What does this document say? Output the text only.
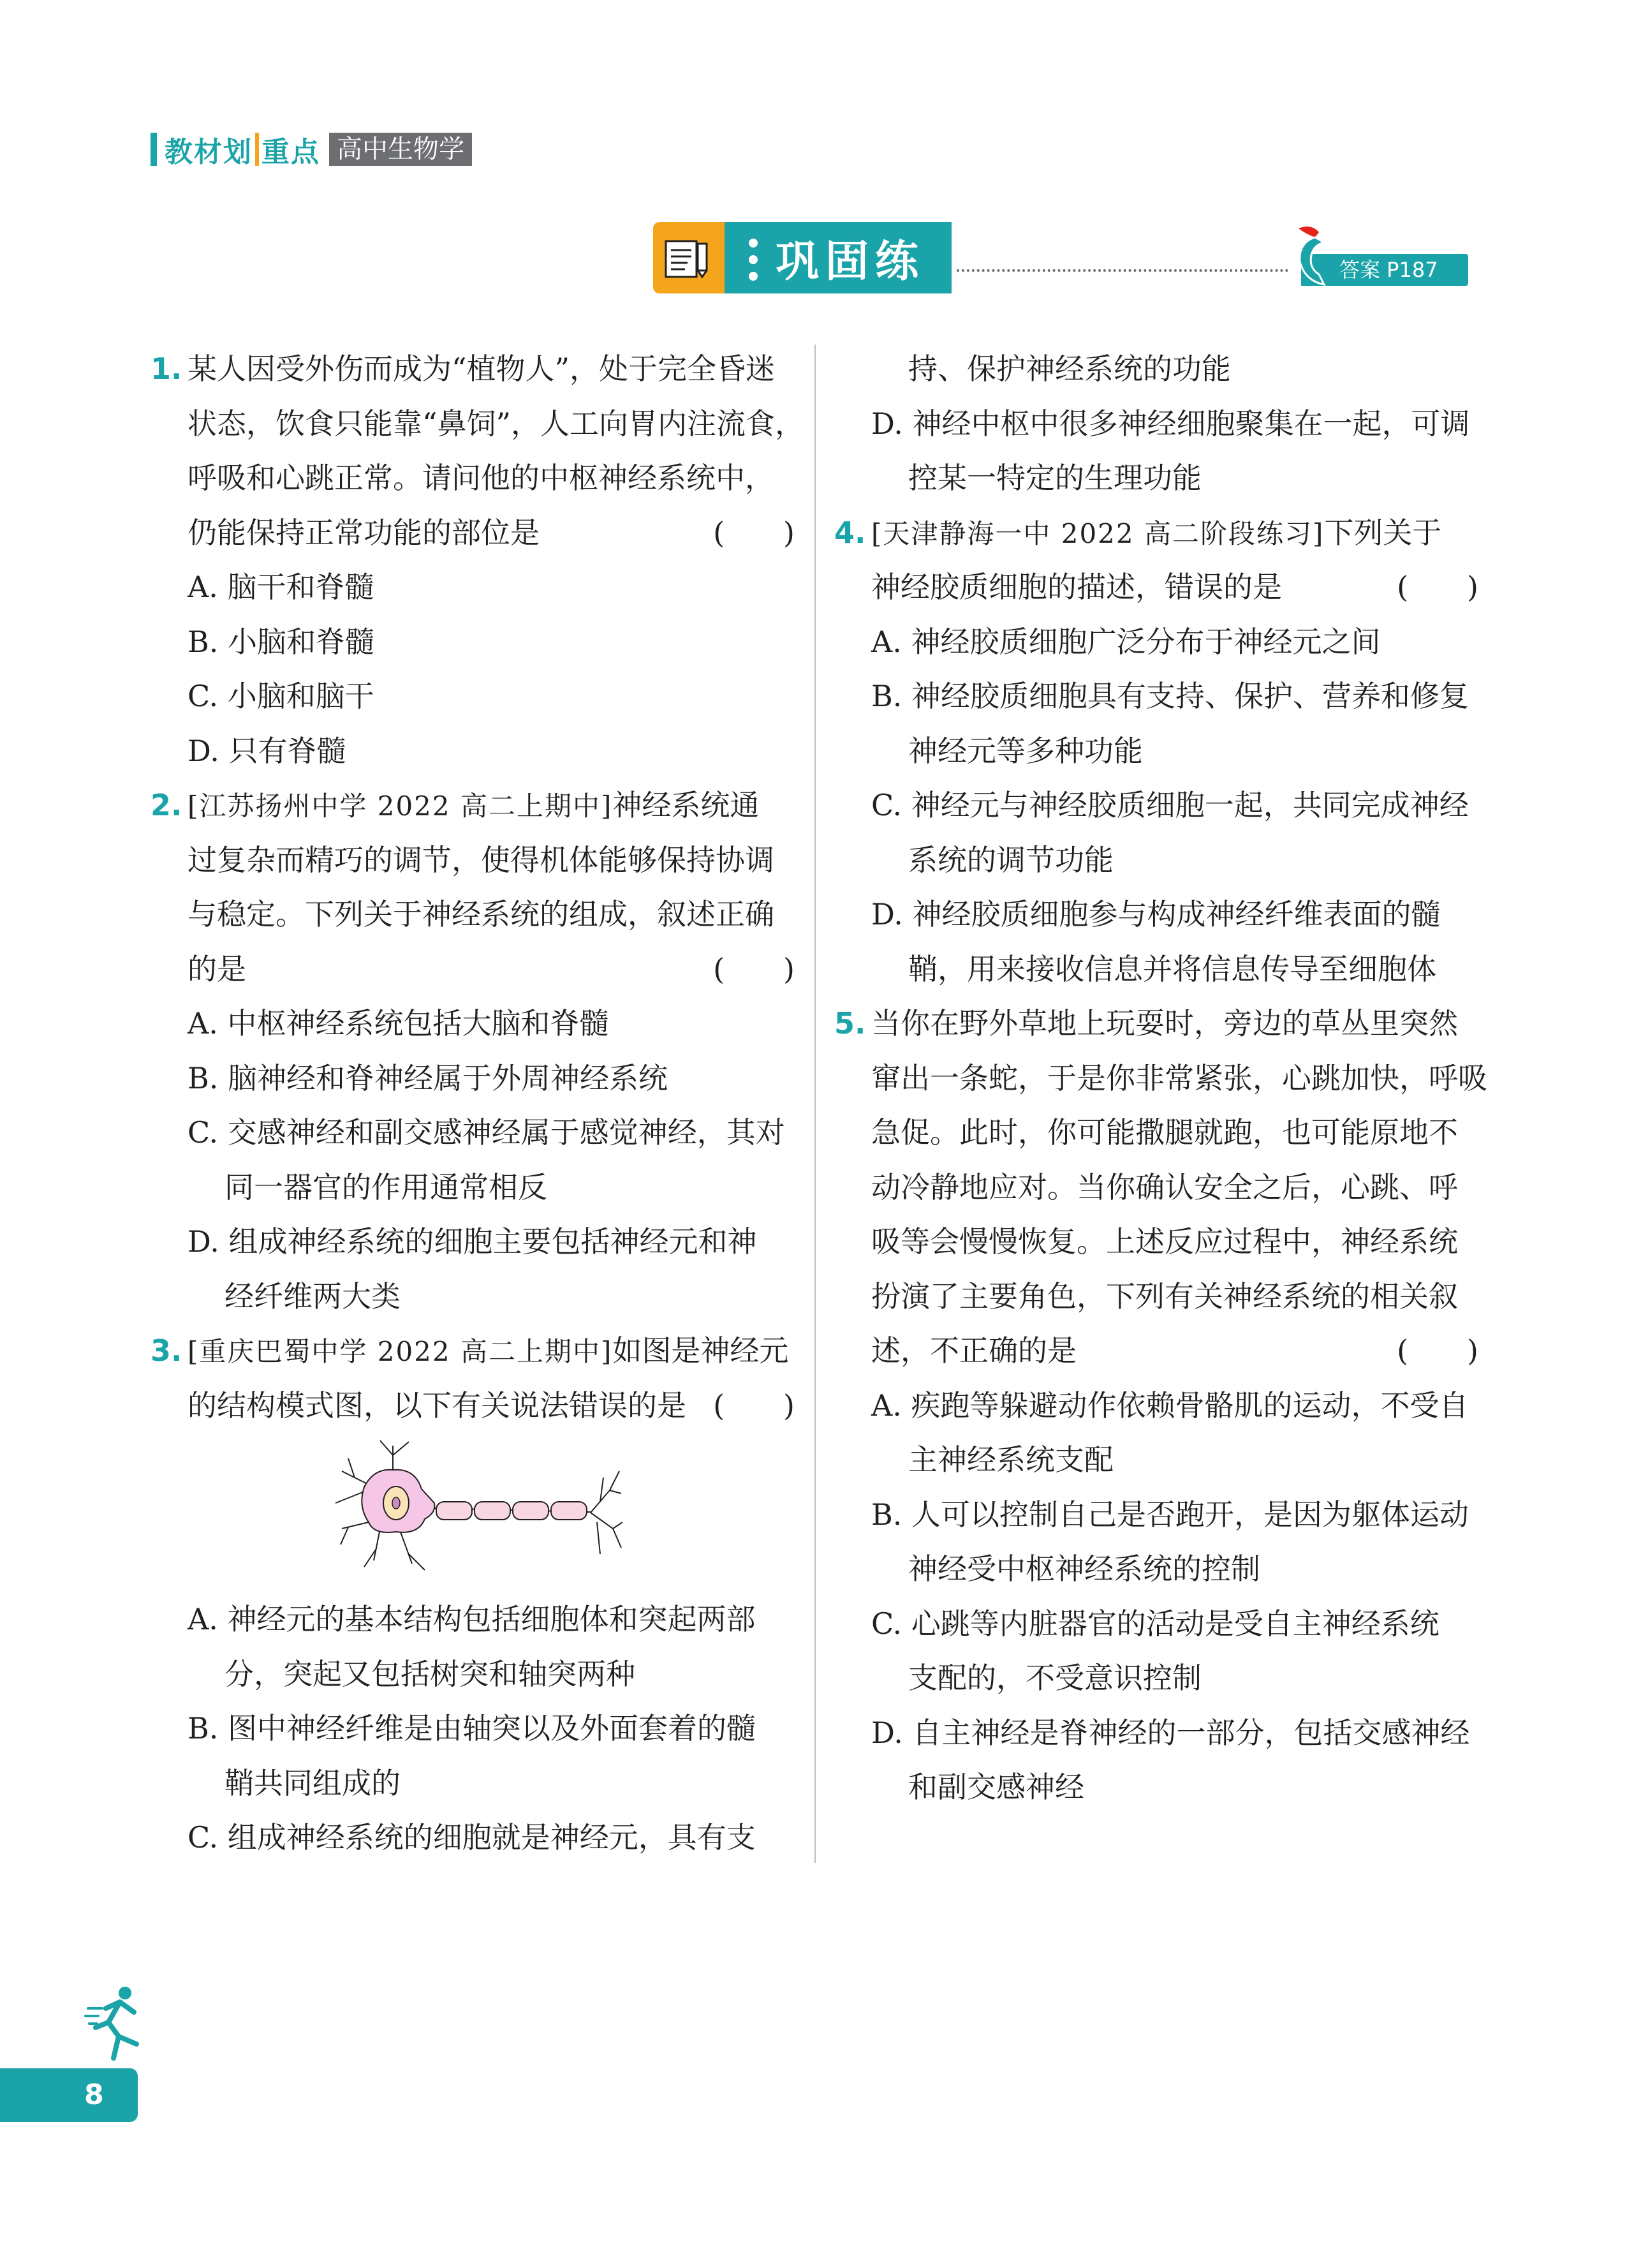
教材划 重点 高中生物学
巩固练	答案 P187
1. 某人因受外伤而成为“植物人”，处于完全昏迷
状态，饮食只能靠“鼻饲”，人工向胃内注流食，
呼吸和心跳正常。请问他的中枢神经系统中，
仍能保持正常功能的部位是	(　　)
A. 脑干和脊髓
B. 小脑和脊髓
C. 小脑和脑干
D. 只有脊髓
2. [江苏扬州中学 2022 高二上期中]神经系统通
过复杂而精巧的调节，使得机体能够保持协调
与稳定。下列关于神经系统的组成，叙述正确
的是	(　　)
A. 中枢神经系统包括大脑和脊髓
B. 脑神经和脊神经属于外周神经系统
C. 交感神经和副交感神经属于感觉神经，其对
同一器官的作用通常相反
D. 组成神经系统的细胞主要包括神经元和神
经纤维两大类
3. [重庆巴蜀中学 2022 高二上期中]如图是神经元
的结构模式图，以下有关说法错误的是 (　　)
A. 神经元的基本结构包括细胞体和突起两部
分，突起又包括树突和轴突两种
B. 图中神经纤维是由轴突以及外面套着的髓
鞘共同组成的
C. 组成神经系统的细胞就是神经元，具有支
持、保护神经系统的功能
D. 神经中枢中很多神经细胞聚集在一起，可调
控某一特定的生理功能
4. [天津静海一中 2022 高二阶段练习]下列关于
神经胶质细胞的描述，错误的是	(　　)
A. 神经胶质细胞广泛分布于神经元之间
B. 神经胶质细胞具有支持、保护、营养和修复
神经元等多种功能
C. 神经元与神经胶质细胞一起，共同完成神经
系统的调节功能
D. 神经胶质细胞参与构成神经纤维表面的髓
鞘，用来接收信息并将信息传导至细胞体
5. 当你在野外草地上玩耍时，旁边的草丛里突然
窜出一条蛇，于是你非常紧张，心跳加快，呼吸
急促。此时，你可能撒腿就跑，也可能原地不
动冷静地应对。当你确认安全之后，心跳、呼
吸等会慢慢恢复。上述反应过程中，神经系统
扮演了主要角色，下列有关神经系统的相关叙
述，不正确的是	(　　)
A. 疾跑等躲避动作依赖骨骼肌的运动，不受自
主神经系统支配
B. 人可以控制自己是否跑开，是因为躯体运动
神经受中枢神经系统的控制
C. 心跳等内脏器官的活动是受自主神经系统
支配的，不受意识控制
D. 自主神经是脊神经的一部分，包括交感神经
和副交感神经
8
